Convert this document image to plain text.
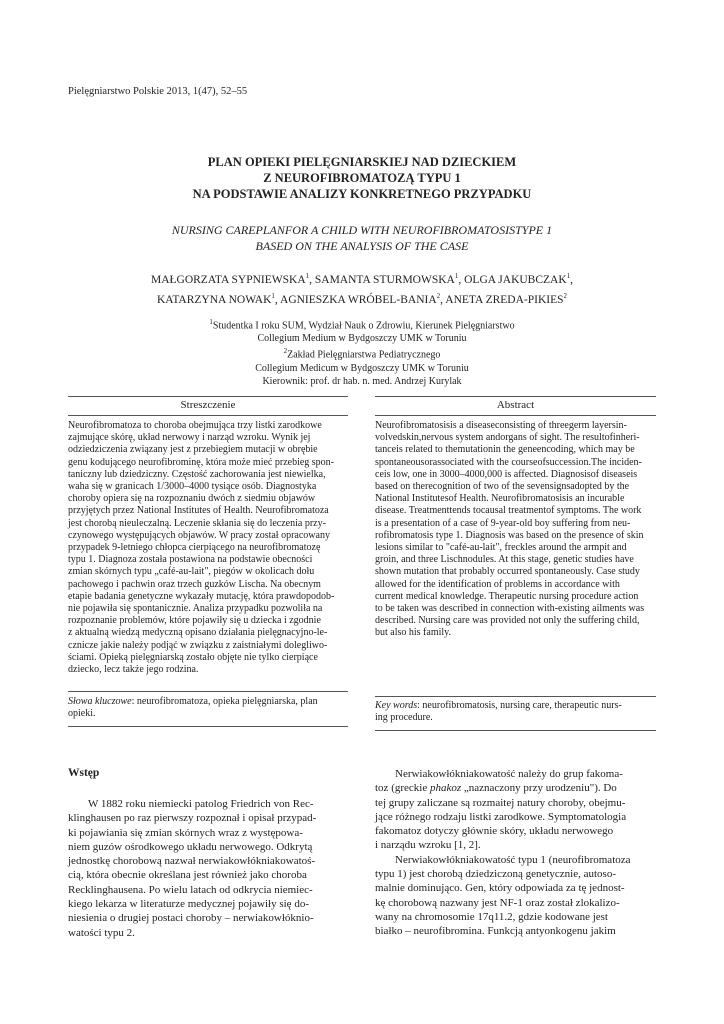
Pielęgniarstwo Polskie 2013, 1(47), 52–55
PLAN OPIEKI PIELĘGNIARSKIEJ NAD DZIECKIEM
Z NEUROFIBROMATOZĄ TYPU 1
NA PODSTAWIE ANALIZY KONKRETNEGO PRZYPADKU
NURSING CAREPLANFOR A CHILD WITH NEUROFIBROMATOSISTYPE 1
BASED ON THE ANALYSIS OF THE CASE
MAŁGORZATA SYPNIEWSKA$^1$, SAMANTA STURMOWSKA$^1$, OLGA JAKUBCZAK$^1$,
KATARZYNA NOWAK$^1$, AGNIESZKA WRÓBEL-BANIA$^2$, ANETA ZREDA-PIKIES$^2$
$^1$Studentka I roku SUM, Wydział Nauk o Zdrowiu, Kierunek Pielęgniarstwo
Collegium Medium w Bydgoszczy UMK w Toruniu
$^2$Zakład Pielęgniarstwa Pediatrycznego
Collegium Medicum w Bydgoszczy UMK w Toruniu
Kierownik: prof. dr hab. n. med. Andrzej Kurylak
Streszczenie
Neurofibromatoza to choroba obejmująca trzy listki zarodkowe
zajmujące skórę, układ nerwowy i narząd wzroku. Wynik jej
odziedziczenia związany jest z przebiegiem mutacji w obrębie
genu kodującego neurofibrominę, która może mieć przebieg spon-
taniczny lub dziedziczny. Częstość zachorowania jest niewielka,
waha się w granicach 1/3000–4000 tysiące osób. Diagnostyka
choroby opiera się na rozpoznaniu dwóch z siedmiu objawów
przyjętych przez National Institutes of Health. Neurofibromatoza
jest chorobą nieuleczalną. Leczenie skłania się do leczenia przy-
czynowego występujących objawów. W pracy został opracowany
przypadek 9-letniego chłopca cierpiącego na neurofibromatozę
typu 1. Diagnoza została postawiona na podstawie obecności
zmian skórnych typu „café-au-lait", piegów w okolicach dołu
pachowego i pachwin oraz trzech guzków Lischa. Na obecnym
etapie badania genetyczne wykazały mutację, która prawdopodob-
nie pojawiła się spontanicznie. Analiza przypadku pozwoliła na
rozpoznanie problemów, które pojawiły się u dziecka i zgodnie
z aktualną wiedzą medyczną opisano działania pielęgnacyjno-le-
cznicze jakie należy podjąć w związku z zaistniałymi dolegliwo-
ściami. Opieką pielęgniarską zostało objęte nie tylko cierpiące
dziecko, lecz także jego rodzina.
Słowa kluczowe: neurofibromatoza, opieka pielęgniarska, plan
opieki.
Abstract
Neurofibromatosisis a diseaseconsisting of threegerm layersin-
volvedskin,nervous system andorgans of sight. The resultofinheri-
tanceis related to themutationin the geneencoding, which may be
spontaneousorassociated with the courseofsuccession.The inciden-
ceis low, one in 3000–4000,000 is affected. Diagnosisof diseaseis
based on therecognition of two of the sevensignsadopted by the
National Institutesof Health. Neurofibromatosisis an incurable
disease. Treatmenttends tocausal treatmentof symptoms. The work
is a presentation of a case of 9-year-old boy suffering from neu-
rofibromatosis type 1. Diagnosis was based on the presence of skin
lesions similar to "café-au-lait", freckles around the armpit and
groin, and three Lischnodules. At this stage, genetic studies have
shown mutation that probably occurred spontaneously. Case study
allowed for the identification of problems in accordance with
current medical knowledge. Therapeutic nursing procedure action
to be taken was described in connection with-existing ailments was
described. Nursing care was provided not only the suffering child,
but also his family.
Key words: neurofibromatosis, nursing care, therapeutic nurs-
ing procedure.
Wstęp
W 1882 roku niemiecki patolog Friedrich von Rec-
klinghausen po raz pierwszy rozpoznał i opisał przypad-
ki pojawiania się zmian skórnych wraz z występowa-
niem guzów ośrodkowego układu nerwowego. Odkrytą
jednostkę chorobową nazwał nerwiakowłókniakowatoś-
cią, która obecnie określana jest również jako choroba
Recklinghausena. Po wielu latach od odkrycia niemiec-
kiego lekarza w literaturze medycznej pojawiły się do-
niesienia o drugiej postaci choroby – nerwiakowłóknio-
watości typu 2.
Nerwiakowłókniakowatość należy do grup fakoma-
toz (greckie phakoz „naznaczony przy urodzeniu"). Do
tej grupy zaliczane są rozmaitej natury choroby, obejmu-
jące różnego rodzaju listki zarodkowe. Symptomatologia
fakomatoz dotyczy głównie skóry, układu nerwowego
i narządu wzroku [1, 2].
Nerwiakowłókniakowatość typu 1 (neurofibromatoza
typu 1) jest chorobą dziedziczoną genetycznie, autoso-
malnie dominująco. Gen, który odpowiada za tę jednost-
kę chorobową nazwany jest NF-1 oraz został zlokalizo-
wany na chromosomie 17q11.2, gdzie kodowane jest
białko – neurofibromina. Funkcją antyonkogenu jakim
